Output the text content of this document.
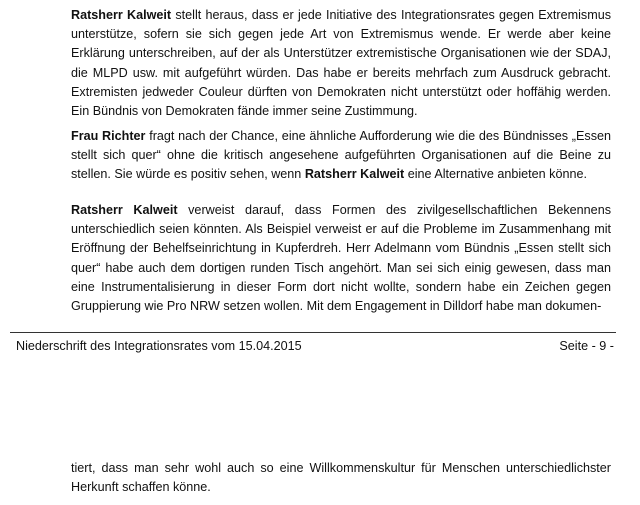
Ratsherr Kalweit stellt heraus, dass er jede Initiative des Integrationsrates gegen Extremismus unterstütze, sofern sie sich gegen jede Art von Extremismus wende. Er werde aber keine Erklärung unterschreiben, auf der als Unterstützer extremistische Organisationen wie der SDAJ, die MLPD usw. mit aufgeführt würden. Das habe er bereits mehrfach zum Ausdruck gebracht. Extremisten jedweder Couleur dürften von Demokraten nicht unterstützt oder hoffähig werden. Ein Bündnis von Demokraten fände immer seine Zustimmung.

Frau Richter fragt nach der Chance, eine ähnliche Aufforderung wie die des Bündnisses „Essen stellt sich quer“ ohne die kritisch angesehene aufgeführten Organisationen auf die Beine zu stellen. Sie würde es positiv sehen, wenn Ratsherr Kalweit eine Alternative anbieten könne.

Ratsherr Kalweit verweist darauf, dass Formen des zivilgesellschaftlichen Bekennens unterschiedlich seien könnten. Als Beispiel verweist er auf die Probleme im Zusammenhang mit Eröffnung der Behelfseinrichtung in Kupferdreh. Herr Adelmann vom Bündnis „Essen stellt sich quer“ habe auch dem dortigen runden Tisch angehört. Man sei sich einig gewesen, dass man eine Instrumentalisierung in dieser Form dort nicht wollte, sondern habe ein Zeichen gegen Gruppierung wie Pro NRW setzen wollen. Mit dem Engagement in Dilldorf habe man dokumen-

Niederschrift des Integrationsrates vom 15.04.2015	Seite - 9 -

tiert, dass man sehr wohl auch so eine Willkommenskultur für Menschen unterschiedlichster Herkunft schaffen könne.
